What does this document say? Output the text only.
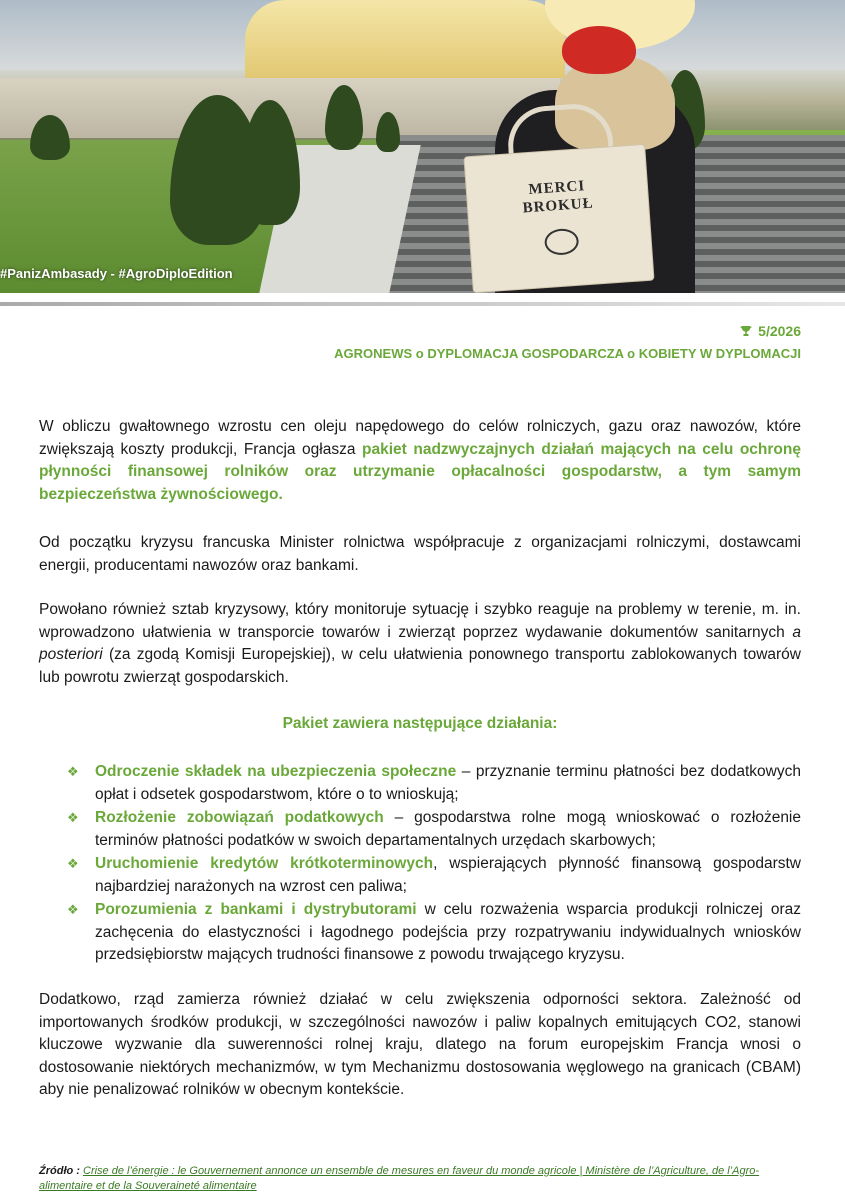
MERCI
BROKUŁ
#PanizAmbasady - #AgroDiploEdition
5/2026
AGRONEWS o DYPLOMACJA GOSPODARCZA o KOBIETY W DYPLOMACJI
W obliczu gwałtownego wzrostu cen oleju napędowego do celów rolniczych, gazu oraz nawozów, które zwiększają koszty produkcji, Francja ogłasza pakiet nadzwyczajnych działań mających na celu ochronę płynności finansowej rolników oraz utrzymanie opłacalności gospodarstw, a tym samym bezpieczeństwa żywnościowego.
Od początku kryzysu francuska Minister rolnictwa współpracuje z organizacjami rolniczymi, dostawcami energii, producentami nawozów oraz bankami.
Powołano również sztab kryzysowy, który monitoruje sytuację i szybko reaguje na problemy w terenie, m. in. wprowadzono ułatwienia w transporcie towarów i zwierząt poprzez wydawanie dokumentów sanitarnych a posteriori (za zgodą Komisji Europejskiej), w celu ułatwienia ponownego transportu zablokowanych towarów lub powrotu zwierząt gospodarskich.
Pakiet zawiera następujące działania:
❖ Odroczenie składek na ubezpieczenia społeczne – przyznanie terminu płatności bez dodatkowych opłat i odsetek gospodarstwom, które o to wnioskują;
❖ Rozłożenie zobowiązań podatkowych – gospodarstwa rolne mogą wnioskować o rozłożenie terminów płatności podatków w swoich departamentalnych urzędach skarbowych;
❖ Uruchomienie kredytów krótkoterminowych, wspierających płynność finansową gospodarstw najbardziej narażonych na wzrost cen paliwa;
❖ Porozumienia z bankami i dystrybutorami w celu rozważenia wsparcia produkcji rolniczej oraz zachęcenia do elastyczności i łagodnego podejścia przy rozpatrywaniu indywidualnych wniosków przedsiębiorstw mających trudności finansowe z powodu trwającego kryzysu.
Dodatkowo, rząd zamierza również działać w celu zwiększenia odporności sektora. Zależność od importowanych środków produkcji, w szczególności nawozów i paliw kopalnych emitujących CO2, stanowi kluczowe wyzwanie dla suwerenności rolnej kraju, dlatego na forum europejskim Francja wnosi o dostosowanie niektórych mechanizmów, w tym Mechanizmu dostosowania węglowego na granicach (CBAM) aby nie penalizować rolników w obecnym kontekście.
Źródło : Crise de l’énergie : le Gouvernement annonce un ensemble de mesures en faveur du monde agricole | Ministère de l’Agriculture, de l’Agro-alimentaire et de la Souveraineté alimentaire
